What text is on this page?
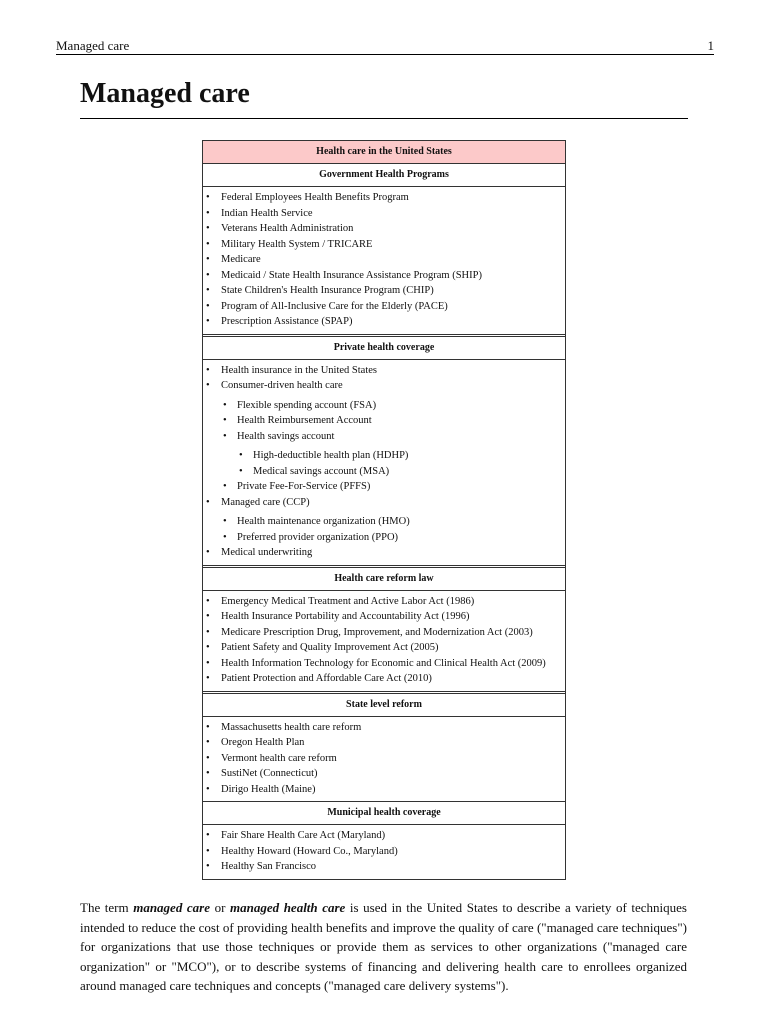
Managed care	1
Managed care
Health care in the United States
Government Health Programs
• Federal Employees Health Benefits Program
• Indian Health Service
• Veterans Health Administration
• Military Health System / TRICARE
• Medicare
• Medicaid / State Health Insurance Assistance Program (SHIP)
• State Children's Health Insurance Program (CHIP)
• Program of All-Inclusive Care for the Elderly (PACE)
• Prescription Assistance (SPAP)
Private health coverage
• Health insurance in the United States
• Consumer-driven health care
• Flexible spending account (FSA)
• Health Reimbursement Account
• Health savings account
• High-deductible health plan (HDHP)
• Medical savings account (MSA)
• Private Fee-For-Service (PFFS)
• Managed care (CCP)
• Health maintenance organization (HMO)
• Preferred provider organization (PPO)
• Medical underwriting
Health care reform law
• Emergency Medical Treatment and Active Labor Act (1986)
• Health Insurance Portability and Accountability Act (1996)
• Medicare Prescription Drug, Improvement, and Modernization Act (2003)
• Patient Safety and Quality Improvement Act (2005)
• Health Information Technology for Economic and Clinical Health Act (2009)
• Patient Protection and Affordable Care Act (2010)
State level reform
• Massachusetts health care reform
• Oregon Health Plan
• Vermont health care reform
• SustiNet (Connecticut)
• Dirigo Health (Maine)
Municipal health coverage
• Fair Share Health Care Act (Maryland)
• Healthy Howard (Howard Co., Maryland)
• Healthy San Francisco

The term managed care or managed health care is used in the United States to describe a variety of techniques intended to reduce the cost of providing health benefits and improve the quality of care ("managed care techniques") for organizations that use those techniques or provide them as services to other organizations ("managed care organization" or "MCO"), or to describe systems of financing and delivering health care to enrollees organized around managed care techniques and concepts ("managed care delivery systems").
